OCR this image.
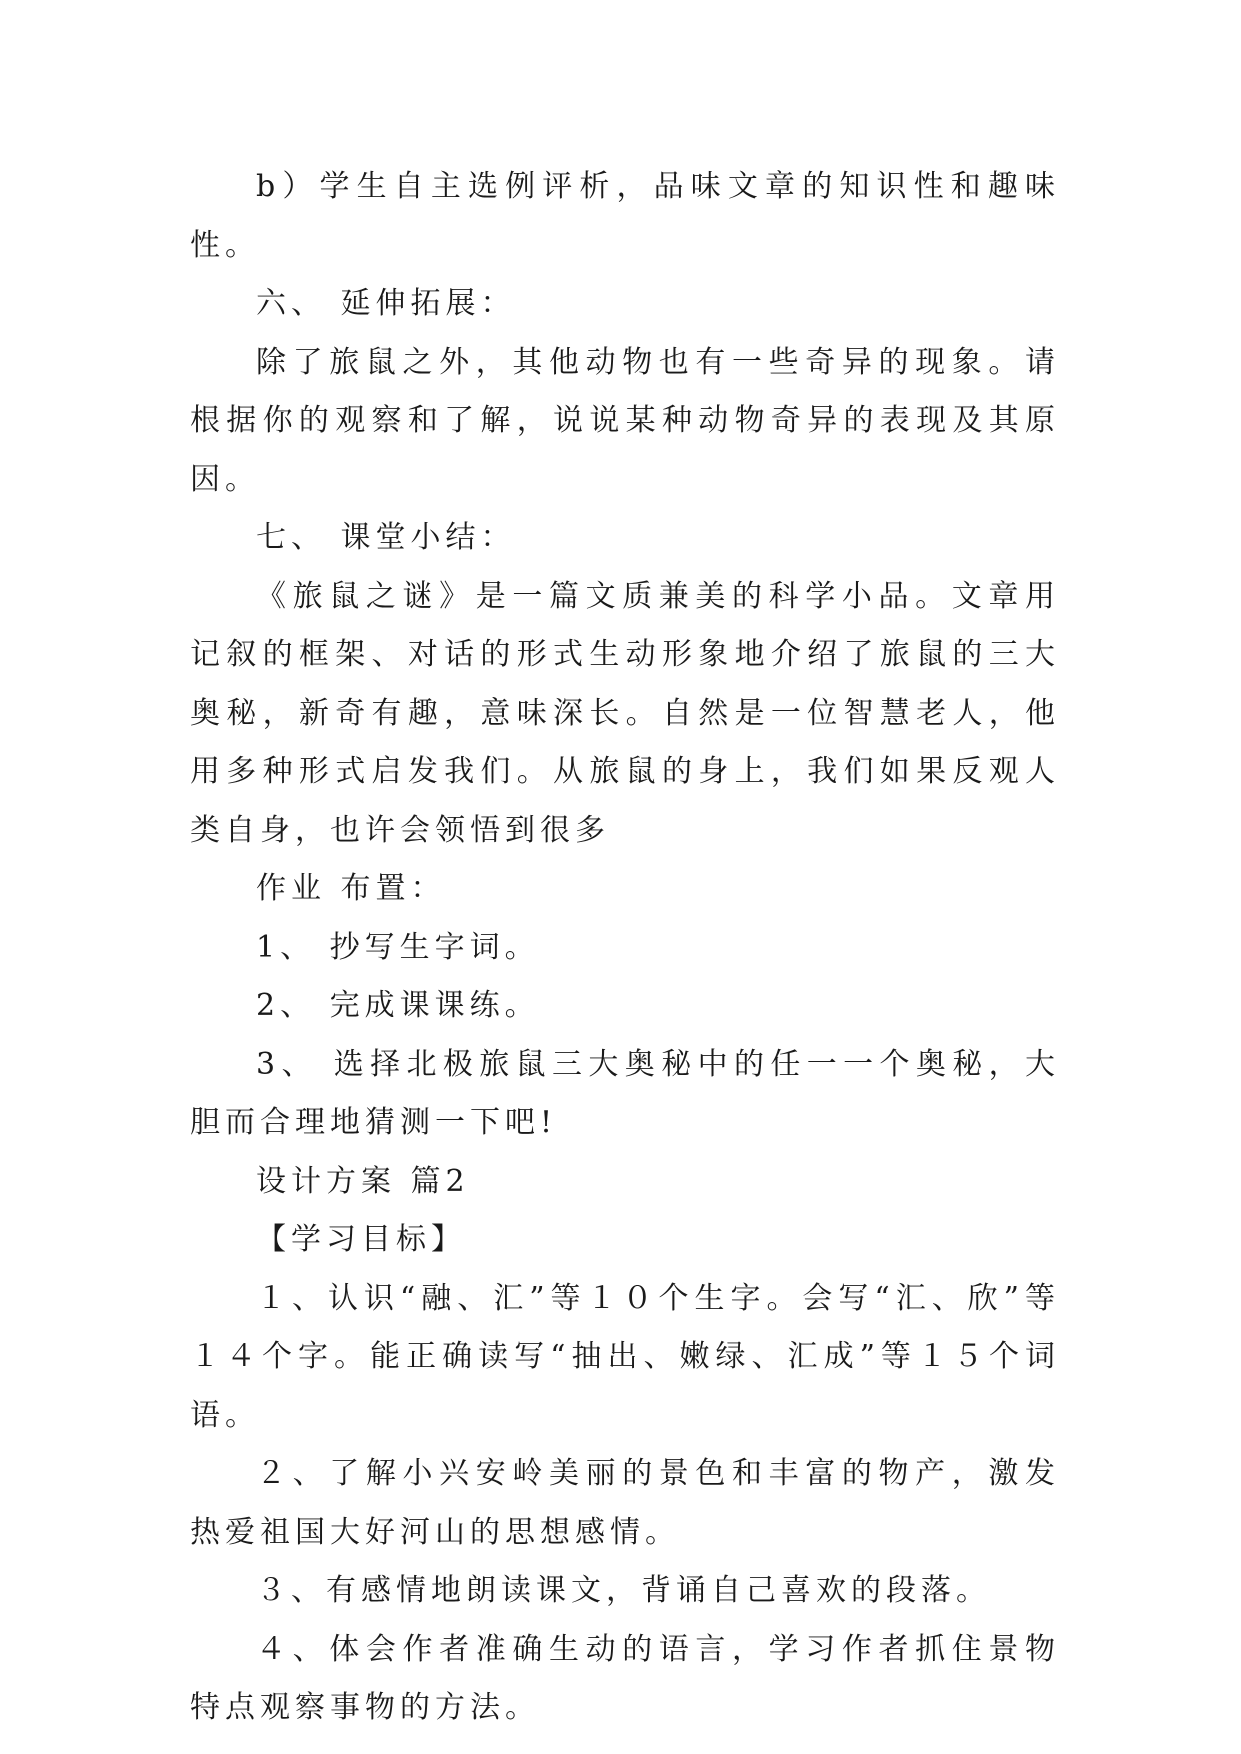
b）学生自主选例评析，品味文章的知识性和趣味性。

六、 延伸拓展：

除了旅鼠之外，其他动物也有一些奇异的现象。请根据你的观察和了解，说说某种动物奇异的表现及其原因。

七、 课堂小结：

《旅鼠之谜》是一篇文质兼美的科学小品。文章用记叙的框架、对话的形式生动形象地介绍了旅鼠的三大奥秘，新奇有趣，意味深长。自然是一位智慧老人，他用多种形式启发我们。从旅鼠的身上，我们如果反观人类自身，也许会领悟到很多

作业 布置：

1、 抄写生字词。

2、 完成课课练。

3、 选择北极旅鼠三大奥秘中的任一一个奥秘，大胆而合理地猜测一下吧!

设计方案 篇2

【学习目标】

１、认识“融、汇”等１０个生字。会写“汇、欣”等１４个字。能正确读写“抽出、嫩绿、汇成”等１５个词语。

２、了解小兴安岭美丽的景色和丰富的物产，激发热爱祖国大好河山的思想感情。

３、有感情地朗读课文，背诵自己喜欢的段落。

４、体会作者准确生动的语言，学习作者抓住景物特点观察事物的方法。
